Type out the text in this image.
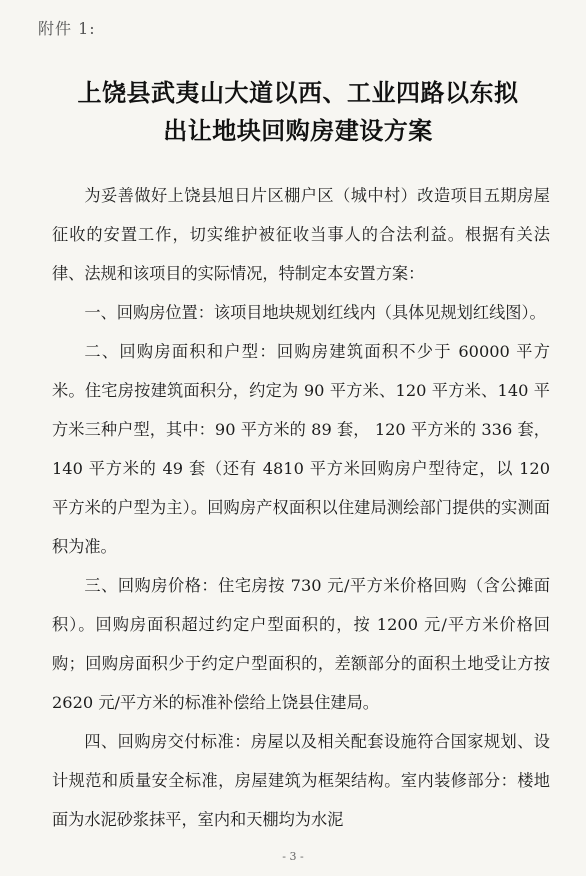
附件 1:
上饶县武夷山大道以西、工业四路以东拟
出让地块回购房建设方案

为妥善做好上饶县旭日片区棚户区（城中村）改造项目五期房屋征收的安置工作，切实维护被征收当事人的合法利益。根据有关法律、法规和该项目的实际情况，特制定本安置方案：

一、回购房位置：该项目地块规划红线内（具体见规划红线图）。

二、回购房面积和户型：回购房建筑面积不少于 60000 平方米。住宅房按建筑面积分，约定为 90 平方米、120 平方米、140 平方米三种户型，其中：90 平方米的 89 套， 120 平方米的 336 套，140 平方米的 49 套（还有 4810 平方米回购房户型待定，以 120 平方米的户型为主）。回购房产权面积以住建局测绘部门提供的实测面积为准。

三、回购房价格：住宅房按 730 元/平方米价格回购（含公摊面积）。回购房面积超过约定户型面积的，按 1200 元/平方米价格回购；回购房面积少于约定户型面积的，差额部分的面积土地受让方按 2620 元/平方米的标准补偿给上饶县住建局。

四、回购房交付标准：房屋以及相关配套设施符合国家规划、设计规范和质量安全标准，房屋建筑为框架结构。室内装修部分：楼地面为水泥砂浆抹平，室内和天棚均为水泥

- 3 -
